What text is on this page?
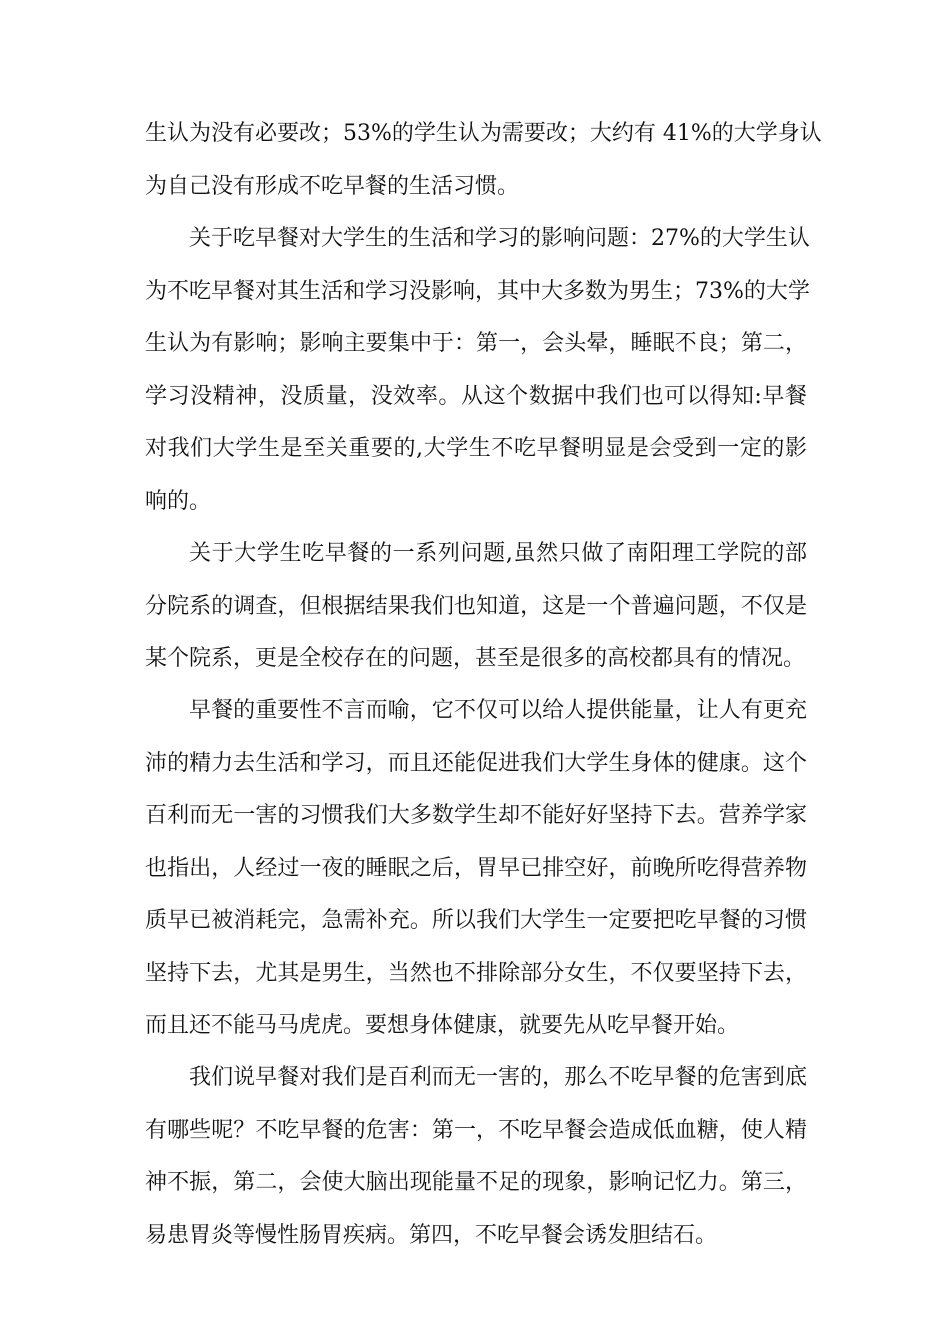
生认为没有必要改；53%的学生认为需要改；大约有 41%的大学身认
为自己没有形成不吃早餐的生活习惯。
关于吃早餐对大学生的生活和学习的影响问题：27%的大学生认
为不吃早餐对其生活和学习没影响，其中大多数为男生；73%的大学
生认为有影响；影响主要集中于：第一，会头晕，睡眠不良；第二，
学习没精神，没质量，没效率。从这个数据中我们也可以得知:早餐
对我们大学生是至关重要的,大学生不吃早餐明显是会受到一定的影
响的。
关于大学生吃早餐的一系列问题,虽然只做了南阳理工学院的部
分院系的调查，但根据结果我们也知道，这是一个普遍问题，不仅是
某个院系，更是全校存在的问题，甚至是很多的高校都具有的情况。
早餐的重要性不言而喻，它不仅可以给人提供能量，让人有更充
沛的精力去生活和学习，而且还能促进我们大学生身体的健康。这个
百利而无一害的习惯我们大多数学生却不能好好坚持下去。营养学家
也指出，人经过一夜的睡眠之后，胃早已排空好，前晚所吃得营养物
质早已被消耗完，急需补充。所以我们大学生一定要把吃早餐的习惯
坚持下去，尤其是男生，当然也不排除部分女生，不仅要坚持下去，
而且还不能马马虎虎。要想身体健康，就要先从吃早餐开始。
我们说早餐对我们是百利而无一害的，那么不吃早餐的危害到底
有哪些呢？不吃早餐的危害：第一，不吃早餐会造成低血糖，使人精
神不振，第二，会使大脑出现能量不足的现象，影响记忆力。第三，
易患胃炎等慢性肠胃疾病。第四，不吃早餐会诱发胆结石。
